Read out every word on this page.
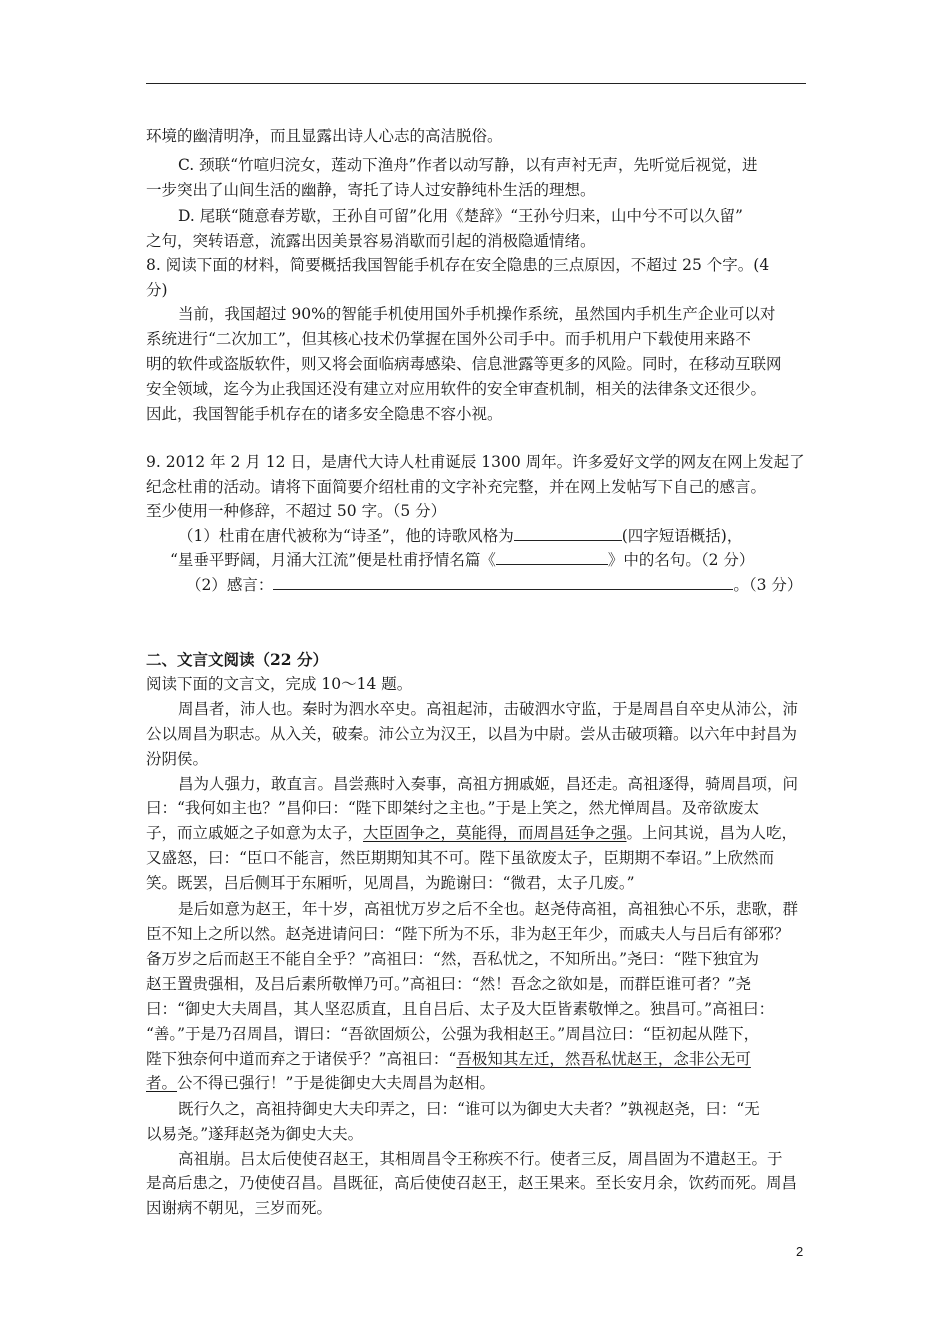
环境的幽清明净，而且显露出诗人心志的高洁脱俗。
C. 颈联“竹喧归浣女，莲动下渔舟”作者以动写静，以有声衬无声，先听觉后视觉，进
一步突出了山间生活的幽静，寄托了诗人过安静纯朴生活的理想。
D. 尾联“随意春芳歇，王孙自可留”化用《楚辞》“王孙兮归来，山中兮不可以久留”
之句，突转语意，流露出因美景容易消歇而引起的消极隐遁情绪。
8. 阅读下面的材料，简要概括我国智能手机存在安全隐患的三点原因，不超过 25 个字。(4
分)
当前，我国超过 90%的智能手机使用国外手机操作系统，虽然国内手机生产企业可以对
系统进行“二次加工”，但其核心技术仍掌握在国外公司手中。而手机用户下载使用来路不
明的软件或盗版软件，则又将会面临病毒感染、信息泄露等更多的风险。同时，在移动互联网
安全领域，迄今为止我国还没有建立对应用软件的安全审查机制，相关的法律条文还很少。
因此，我国智能手机存在的诸多安全隐患不容小视。
9. 2012 年 2 月 12 日，是唐代大诗人杜甫诞辰 1300 周年。许多爱好文学的网友在网上发起了
纪念杜甫的活动。请将下面简要介绍杜甫的文字补充完整，并在网上发帖写下自己的感言。
至少使用一种修辞，不超过 50 字。（5 分）
（1）杜甫在唐代被称为“诗圣”，他的诗歌风格为	(四字短语概括)，
“星垂平野阔，月涌大江流”便是杜甫抒情名篇《	》中的名句。（2 分）
（2）感言：	。（3 分）
二、文言文阅读（22 分）
阅读下面的文言文，完成 10～14 题。
周昌者，沛人也。秦时为泗水卒史。高祖起沛，击破泗水守监，于是周昌自卒史从沛公，沛
公以周昌为职志。从入关，破秦。沛公立为汉王，以昌为中尉。尝从击破项籍。以六年中封昌为
汾阴侯。
昌为人强力，敢直言。昌尝燕时入奏事，高祖方拥戚姬，昌还走。高祖逐得，骑周昌项，问
曰：“我何如主也？”昌仰曰：“陛下即桀纣之主也。”于是上笑之，然尤惮周昌。及帝欲废太
子，而立戚姬之子如意为太子，大臣固争之，莫能得，而周昌廷争之强。上问其说，昌为人吃，
又盛怒，曰：“臣口不能言，然臣期期知其不可。陛下虽欲废太子，臣期期不奉诏。”上欣然而
笑。既罢，吕后侧耳于东厢听，见周昌，为跪谢曰：“微君，太子几废。”
是后如意为赵王，年十岁，高祖忧万岁之后不全也。赵尧侍高祖，高祖独心不乐，悲歌，群
臣不知上之所以然。赵尧进请问曰：“陛下所为不乐，非为赵王年少，而戚夫人与吕后有郤邪？
备万岁之后而赵王不能自全乎？”高祖曰：“然，吾私忧之，不知所出。”尧曰：“陛下独宜为
赵王置贵强相，及吕后素所敬惮乃可。”高祖曰：“然！吾念之欲如是，而群臣谁可者？”尧
曰：“御史大夫周昌，其人坚忍质直，且自吕后、太子及大臣皆素敬惮之。独昌可。”高祖曰：
“善。”于是乃召周昌，谓曰：“吾欲固烦公，公强为我相赵王。”周昌泣曰：“臣初起从陛下，
陛下独奈何中道而弃之于诸侯乎？”高祖曰：“吾极知其左迁，然吾私忧赵王，念非公无可
者。公不得已强行！”于是徙御史大夫周昌为赵相。
既行久之，高祖持御史大夫印弄之，曰：“谁可以为御史大夫者？”孰视赵尧，曰：“无
以易尧。”遂拜赵尧为御史大夫。
高祖崩。吕太后使使召赵王，其相周昌令王称疾不行。使者三反，周昌固为不遣赵王。于
是高后患之，乃使使召昌。昌既征，高后使使召赵王，赵王果来。至长安月余，饮药而死。周昌
因谢病不朝见，三岁而死。
2
